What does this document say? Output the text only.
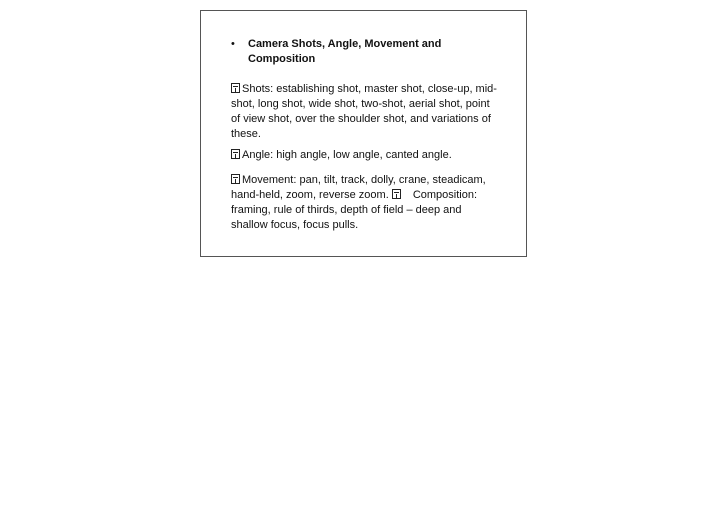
•	Camera Shots, Angle, Movement and Composition
Shots: establishing shot, master shot, close-up, mid-shot, long shot, wide shot, two-shot, aerial shot, point of view shot, over the shoulder shot, and variations of these.
Angle: high angle, low angle, canted angle.
Movement: pan, tilt, track, dolly, crane, steadicam, hand-held, zoom, reverse zoom. Composition: framing, rule of thirds, depth of field – deep and shallow focus, focus pulls.
